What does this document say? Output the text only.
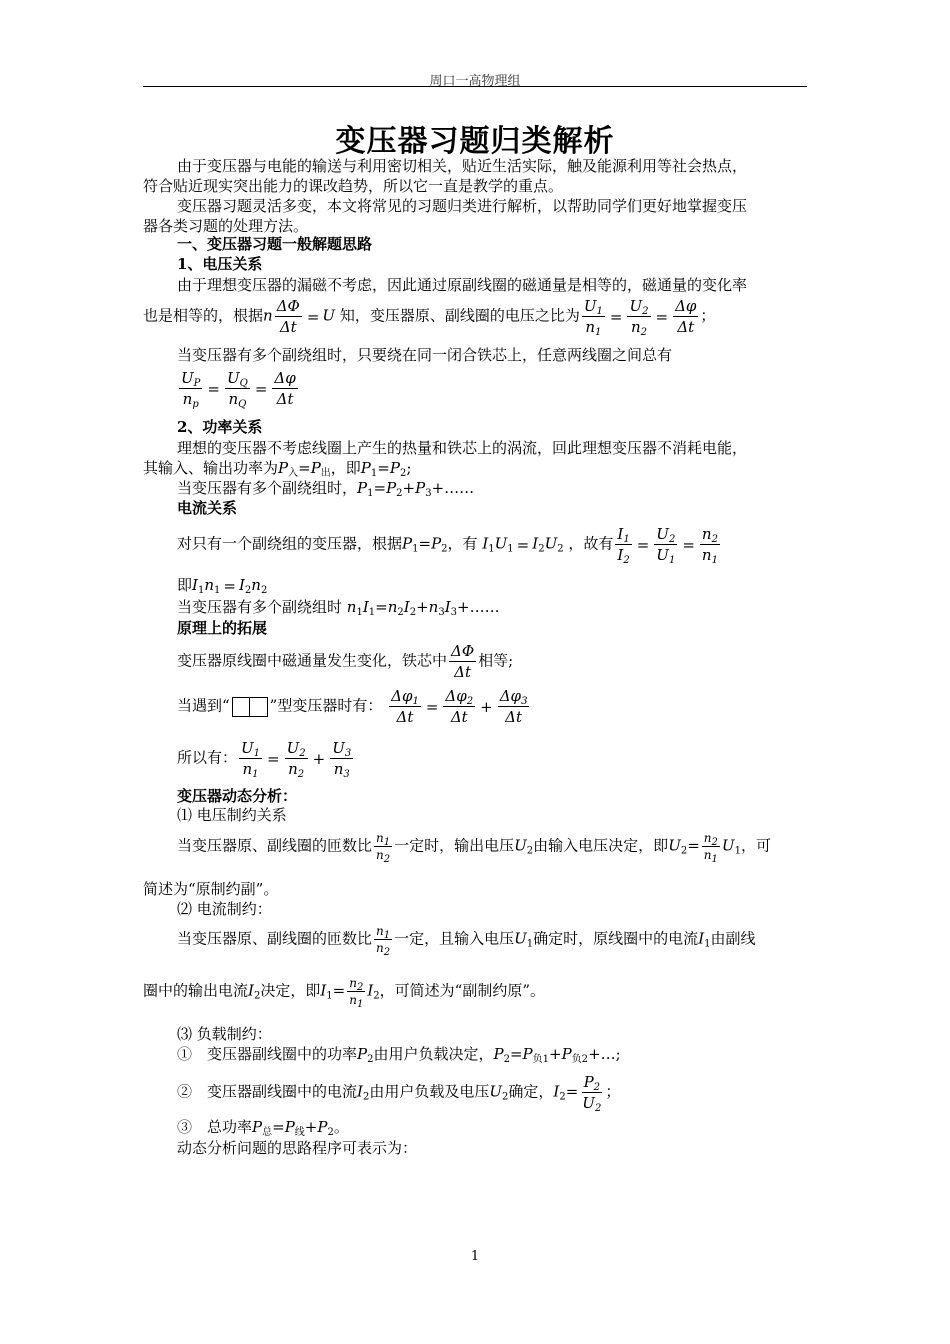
周口一高物理组
变压器习题归类解析
由于变压器与电能的输送与利用密切相关，贴近生活实际，触及能源利用等社会热点，
符合贴近现实突出能力的课改趋势，所以它一直是教学的重点。
变压器习题灵活多变，本文将常见的习题归类进行解析，以帮助同学们更好地掌握变压
器各类习题的处理方法。
一、变压器习题一般解题思路
1、电压关系
由于理想变压器的漏磁不考虑，因此通过原副线圈的磁通量是相等的，磁通量的变化率
也是相等的，根据n $\frac{\Delta\Phi}{\Delta t} = U$ 知，变压器原、副线圈的电压之比为 $\frac{U_1}{n_1} = \frac{U_2}{n_2} = \frac{\Delta\varphi}{\Delta t}$ ；
当变压器有多个副绕组时，只要绕在同一闭合铁芯上，任意两线圈之间总有
$\frac{U_P}{n_p} = \frac{U_Q}{n_Q} = \frac{\Delta\varphi}{\Delta t}$
2、功率关系
理想的变压器不考虑线圈上产生的热量和铁芯上的涡流，回此理想变压器不消耗电能，
其输入、输出功率为$P_入=P_出$，即$P_1=P_2$;
当变压器有多个副绕组时，$P_1=P_2+P_3+\dots\dots$
电流关系
对只有一个副绕组的变压器，根据$P_1=P_2$，有 $I_1U_1 = I_2U_2$ ，故有 $\frac{I_1}{I_2} = \frac{U_2}{U_1} = \frac{n_2}{n_1}$
即$I_1n_1 = I_2n_2$
当变压器有多个副绕组时 $n_1I_1=n_2I_2+n_3I_3+\dots\dots$
原理上的拓展
变压器原线圈中磁通量发生变化，铁芯中 $\frac{\Delta\Phi}{\Delta t}$ 相等;
当遇到“	”型变压器时有： $\frac{\Delta\varphi_1}{\Delta t} = \frac{\Delta\varphi_2}{\Delta t} + \frac{\Delta\varphi_3}{\Delta t}$
所以有： $\frac{U_1}{n_1} = \frac{U_2}{n_2} + \frac{U_3}{n_3}$
变压器动态分析：
⑴ 电压制约关系
当变压器原、副线圈的匝数比 $\frac{n_1}{n_2}$ 一定时，输出电压$U_2$由输入电压决定，即$U_2= \frac{n_2}{n_1} U_1$，可
简述为“原制约副”。
⑵ 电流制约：
当变压器原、副线圈的匝数比 $\frac{n_1}{n_2}$ 一定，且输入电压$U_1$确定时，原线圈中的电流$I_1$由副线
圈中的输出电流$I_2$决定，即$I_1= \frac{n_2}{n_1} I_2$，可简述为“副制约原”。
⑶ 负载制约：
①　变压器副线圈中的功率$P_2$由用户负载决定，$P_2=P_{负1}+P_{负2}+\dots$;
②　变压器副线圈中的电流$I_2$由用户负载及电压$U_2$确定，$I_2= \frac{P_2}{U_2}$ ；
③　总功率$P_总=P_线+P_2$。
动态分析问题的思路程序可表示为：
1
